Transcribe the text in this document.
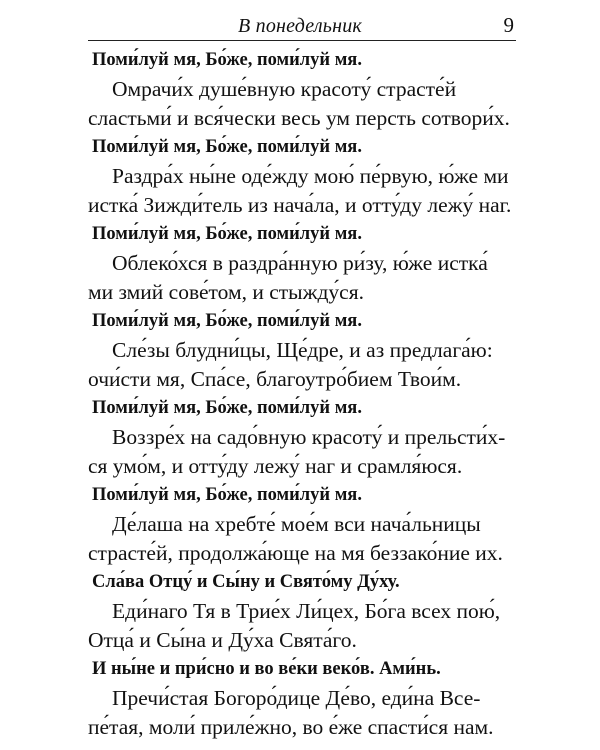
В понедельник	9
Поми́луй мя, Бо́же, поми́луй мя.
Омрачи́х душе́вную красоту́ страсте́й
сластьми́ и вся́чески весь ум персть сотвори́х.
Поми́луй мя, Бо́же, поми́луй мя.
Раздра́х ны́не оде́жду мою́ пе́рвую, ю́же ми
истка́ Зижди́тель из нача́ла, и отту́ду лежу́ наг.
Поми́луй мя, Бо́же, поми́луй мя.
Облеко́хся в раздра́нную ри́зу, ю́же истка́
ми змий сове́том, и стыжду́ся.
Поми́луй мя, Бо́же, поми́луй мя.
Сле́зы блудни́цы, Ще́дре, и аз предлага́ю:
очи́сти мя, Спа́се, благоутро́бием Твои́м.
Поми́луй мя, Бо́же, поми́луй мя.
Воззре́х на садо́вную красоту́ и прельсти́х-
ся умо́м, и отту́ду лежу́ наг и срамля́юся.
Поми́луй мя, Бо́же, поми́луй мя.
Де́лаша на хребте́ мое́м вси нача́льницы
страсте́й, продолжа́юще на мя беззако́ние их.
Сла́ва Отцу́ и Сы́ну и Свято́му Ду́ху.
Еди́наго Тя в Трие́х Ли́цех, Бо́га всех пою́,
Отца́ и Сы́на и Ду́ха Свята́го.
И ны́не и при́сно и во ве́ки веко́в. Ами́нь.
Пречи́стая Богоро́дице Де́во, еди́на Все-
пе́тая, моли́ приле́жно, во е́же спасти́ся нам.
